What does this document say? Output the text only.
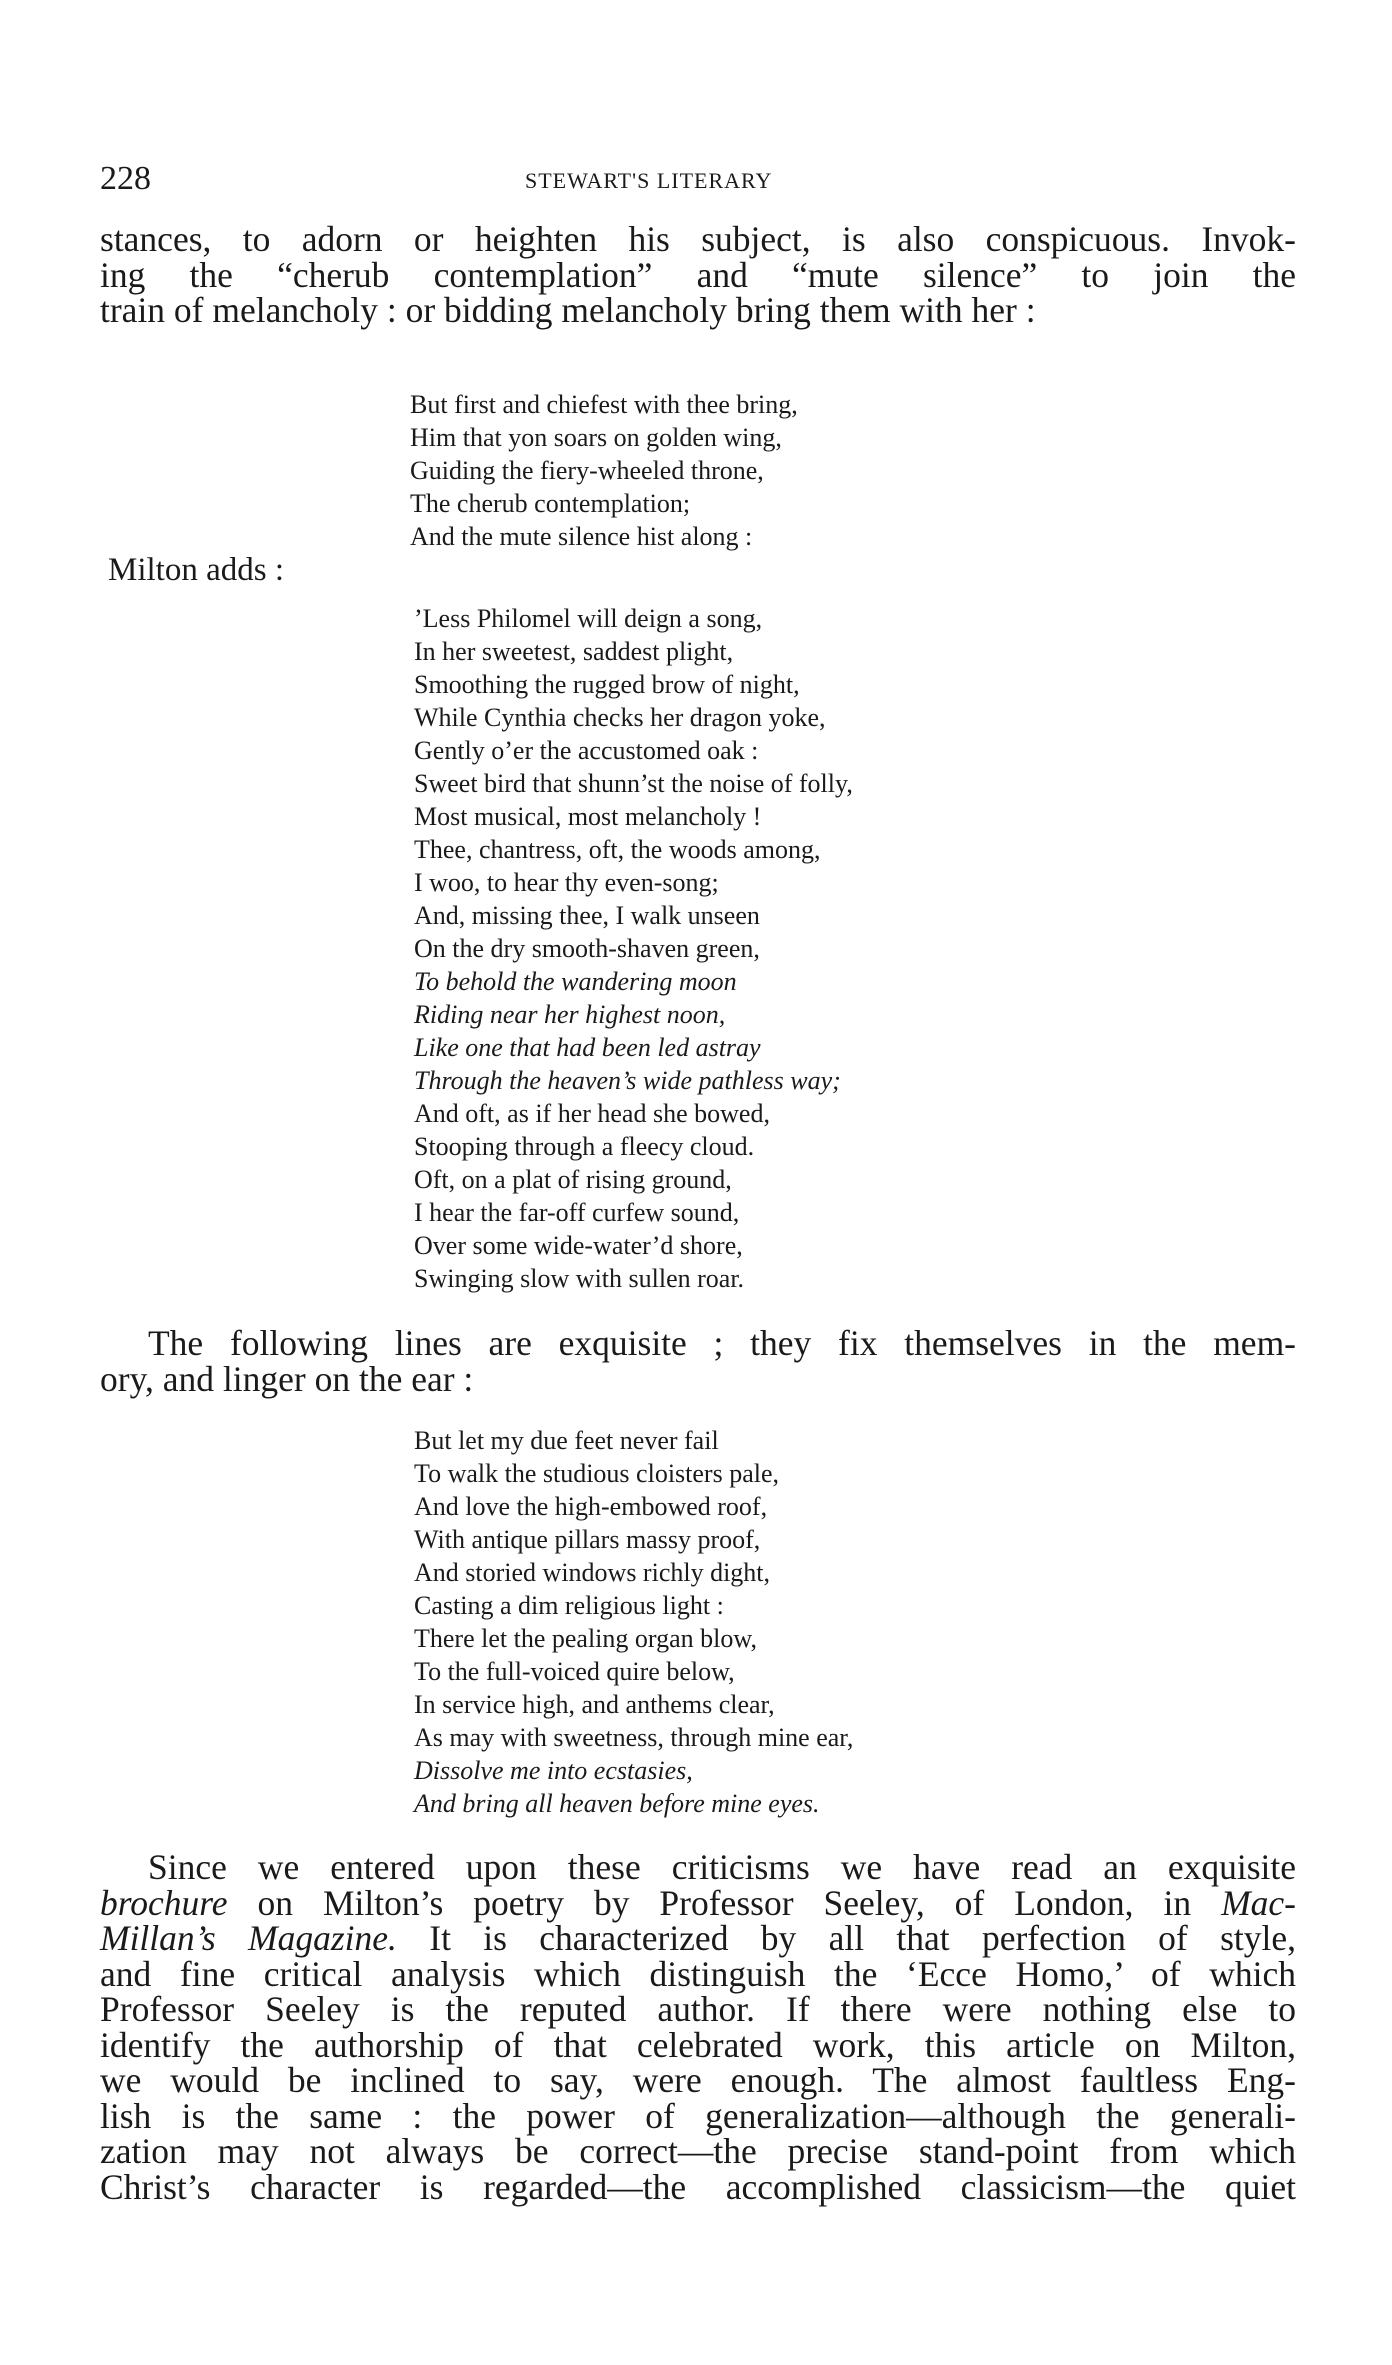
228	STEWART'S LITERARY
stances, to adorn or heighten his subject, is also conspicuous. Invok-
ing the “cherub contemplation” and “mute silence” to join the
train of melancholy : or bidding melancholy bring them with her :
But first and chiefest with thee bring,
Him that yon soars on golden wing,
Guiding the fiery-wheeled throne,
The cherub contemplation;
And the mute silence hist along :
Milton adds :
’Less Philomel will deign a song,
In her sweetest, saddest plight,
Smoothing the rugged brow of night,
While Cynthia checks her dragon yoke,
Gently o’er the accustomed oak :
Sweet bird that shunn’st the noise of folly,
Most musical, most melancholy !
Thee, chantress, oft, the woods among,
I woo, to hear thy even-song;
And, missing thee, I walk unseen
On the dry smooth-shaven green,
To behold the wandering moon
Riding near her highest noon,
Like one that had been led astray
Through the heaven’s wide pathless way;
And oft, as if her head she bowed,
Stooping through a fleecy cloud.
Oft, on a plat of rising ground,
I hear the far-off curfew sound,
Over some wide-water’d shore,
Swinging slow with sullen roar.
The following lines are exquisite ; they fix themselves in the mem-
ory, and linger on the ear :
But let my due feet never fail
To walk the studious cloisters pale,
And love the high-embowed roof,
With antique pillars massy proof,
And storied windows richly dight,
Casting a dim religious light :
There let the pealing organ blow,
To the full-voiced quire below,
In service high, and anthems clear,
As may with sweetness, through mine ear,
Dissolve me into ecstasies,
And bring all heaven before mine eyes.
Since we entered upon these criticisms we have read an exquisite
brochure on Milton’s poetry by Professor Seeley, of London, in Mac-
Millan’s Magazine. It is characterized by all that perfection of style,
and fine critical analysis which distinguish the ‘Ecce Homo,’ of which
Professor Seeley is the reputed author. If there were nothing else to
identify the authorship of that celebrated work, this article on Milton,
we would be inclined to say, were enough. The almost faultless Eng-
lish is the same : the power of generalization—although the generali-
zation may not always be correct—the precise stand-point from which
Christ’s character is regarded—the accomplished classicism—the quiet
